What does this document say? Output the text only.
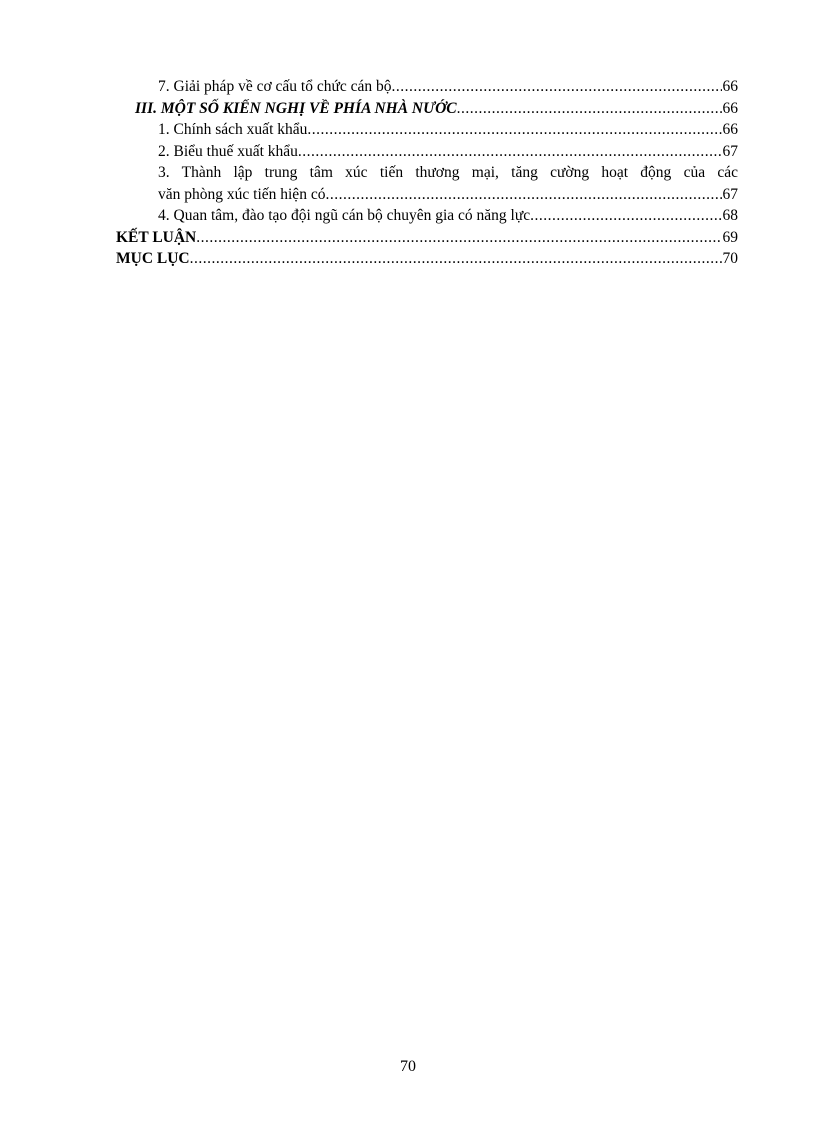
7. Giải pháp về cơ cấu tổ chức cán bộ .....	66
III. MỘT SỐ KIẾN NGHỊ VỀ PHÍA NHÀ NƯỚC .....	66
1. Chính sách xuất khẩu .....	66
2. Biểu thuế xuất khẩu .....	67
3. Thành lập trung tâm xúc tiến thương mại, tăng cường hoạt động của các
văn phòng xúc tiến hiện có .....	67
4. Quan tâm, đào tạo đội ngũ cán bộ chuyên gia có năng lực .....	68
KẾT LUẬN .....	69
MỤC LỤC .....	70
70
